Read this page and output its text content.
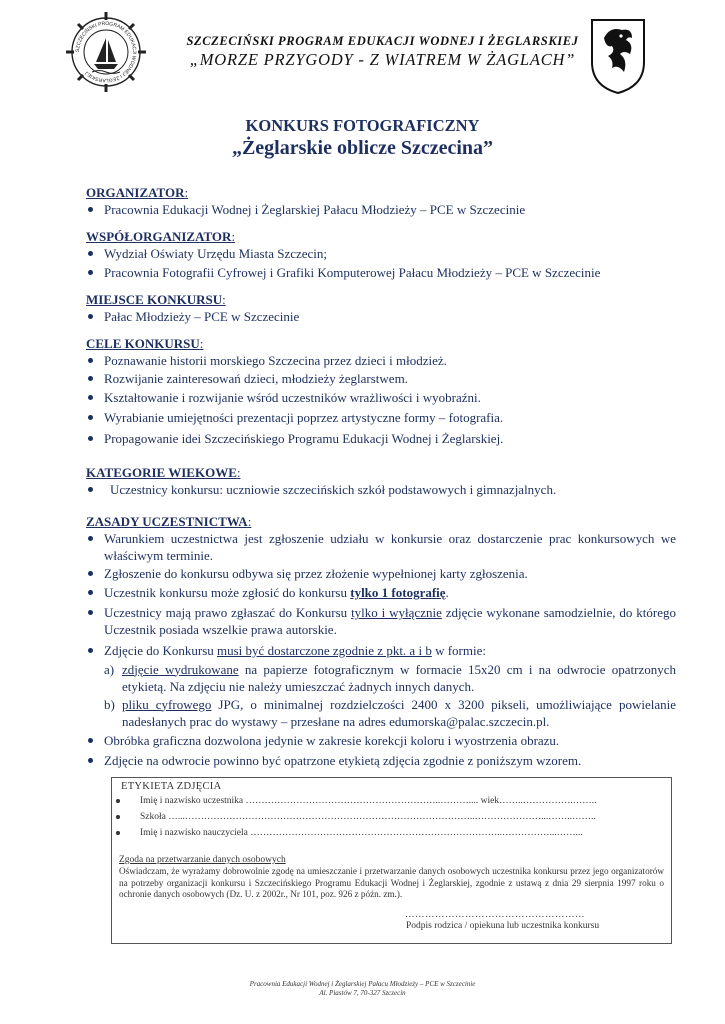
SZCZECIŃSKI PROGRAM EDUKACJI WODNEJ I ŻEGLARSKIEJ
SZCZECIŃSKI PROGRAM EDUKACJI WODNEJ I ŻEGLARSKIEJ
„MORZE PRZYGODY - Z WIATREM W ŻAGLACH”
KONKURS FOTOGRAFICZNY
„Żeglarskie oblicze Szczecina”
ORGANIZATOR:
Pracownia Edukacji Wodnej i Żeglarskiej Pałacu Młodzieży – PCE w Szczecinie
WSPÓŁORGANIZATOR:
Wydział Oświaty Urzędu Miasta Szczecin;
Pracownia Fotografii Cyfrowej i Grafiki Komputerowej Pałacu Młodzieży – PCE w Szczecinie
MIEJSCE KONKURSU:
Pałac Młodzieży – PCE w Szczecinie
CELE KONKURSU:
Poznawanie historii morskiego Szczecina przez dzieci i młodzież.
Rozwijanie zainteresowań dzieci, młodzieży żeglarstwem.
Kształtowanie i rozwijanie wśród uczestników wrażliwości i wyobraźni.
Wyrabianie umiejętności prezentacji poprzez artystyczne formy – fotografia.
Propagowanie idei Szczecińskiego Programu Edukacji Wodnej i Żeglarskiej.
KATEGORIE WIEKOWE:
Uczestnicy konkursu: uczniowie szczecińskich szkół podstawowych i gimnazjalnych.
ZASADY UCZESTNICTWA:
Warunkiem uczestnictwa jest zgłoszenie udziału w konkursie oraz dostarczenie prac konkursowych we właściwym terminie.
Zgłoszenie do konkursu odbywa się przez złożenie wypełnionej karty zgłoszenia.
Uczestnik konkursu może zgłosić do konkursu tylko 1 fotografię.
Uczestnicy mają prawo zgłaszać do Konkursu tylko i wyłącznie zdjęcie wykonane samodzielnie, do którego Uczestnik posiada wszelkie prawa autorskie.
Zdjęcie do Konkursu musi być dostarczone zgodnie z pkt. a i b w formie:
a) zdjęcie wydrukowane na papierze fotograficznym w formacie 15x20 cm i na odwrocie opatrzonych etykietą. Na zdjęciu nie należy umieszczać żadnych innych danych.
b) pliku cyfrowego JPG, o minimalnej rozdzielczości 2400 x 3200 pikseli, umożliwiające powielanie nadesłanych prac do wystawy – przesłane na adres edumorska@palac.szczecin.pl.
Obróbka graficzna dozwolona jedynie w zakresie korekcji koloru i wyostrzenia obrazu.
Zdjęcie na odwrocie powinno być opatrzone etykietą zdjęcia zgodnie z poniższym wzorem.
ETYKIETA ZDJĘCIA
Imię i nazwisko uczestnika ……………………………………………………..……….... wiek……..…………….……..
Szkoła …...………………………………………………………………………………..…………………...……..……..
Imię i nazwisko nauczyciela ……………………………………………………………………..……………...……...
Zgoda na przetwarzanie danych osobowych
Oświadczam, że wyrażamy dobrowolnie zgodę na umieszczanie i przetwarzanie danych osobowych uczestnika konkursu przez jego organizatorów na potrzeby organizacji konkursu i Szczecińskiego Programu Edukacji Wodnej i Żeglarskiej, zgodnie z ustawą z dnia 29 sierpnia 1997 roku o ochronie danych osobowych (Dz. U. z 2002r., Nr 101, poz. 926 z późn. zm.).
………………………………………………
Podpis rodzica / opiekuna lub uczestnika konkursu
Pracownia Edukacji Wodnej i Żeglarskiej Pałacu Młodzieży – PCE w Szczecinie
Al. Piastów 7, 70-327 Szczecin
